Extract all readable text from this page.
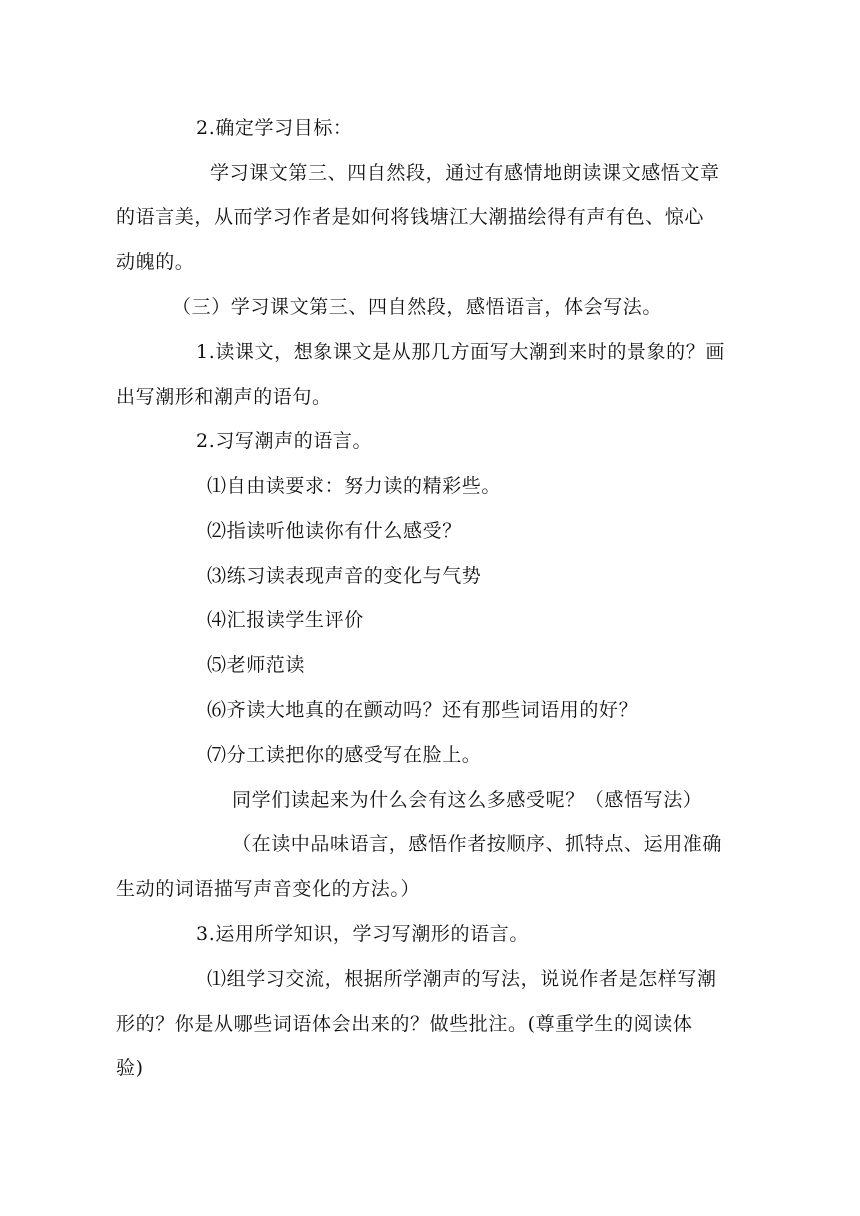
2.确定学习目标：
学习课文第三、四自然段，通过有感情地朗读课文感悟文章
的语言美，从而学习作者是如何将钱塘江大潮描绘得有声有色、惊心
动魄的。
（三）学习课文第三、四自然段，感悟语言，体会写法。
1.读课文，想象课文是从那几方面写大潮到来时的景象的？画
出写潮形和潮声的语句。
2.习写潮声的语言。
⑴自由读要求：努力读的精彩些。
⑵指读听他读你有什么感受？
⑶练习读表现声音的变化与气势
⑷汇报读学生评价
⑸老师范读
⑹齐读大地真的在颤动吗？还有那些词语用的好？
⑺分工读把你的感受写在脸上。
同学们读起来为什么会有这么多感受呢？（感悟写法）
（在读中品味语言，感悟作者按顺序、抓特点、运用准确
生动的词语描写声音变化的方法。）
3.运用所学知识，学习写潮形的语言。
⑴组学习交流，根据所学潮声的写法，说说作者是怎样写潮
形的？你是从哪些词语体会出来的？做些批注。(尊重学生的阅读体
验)
